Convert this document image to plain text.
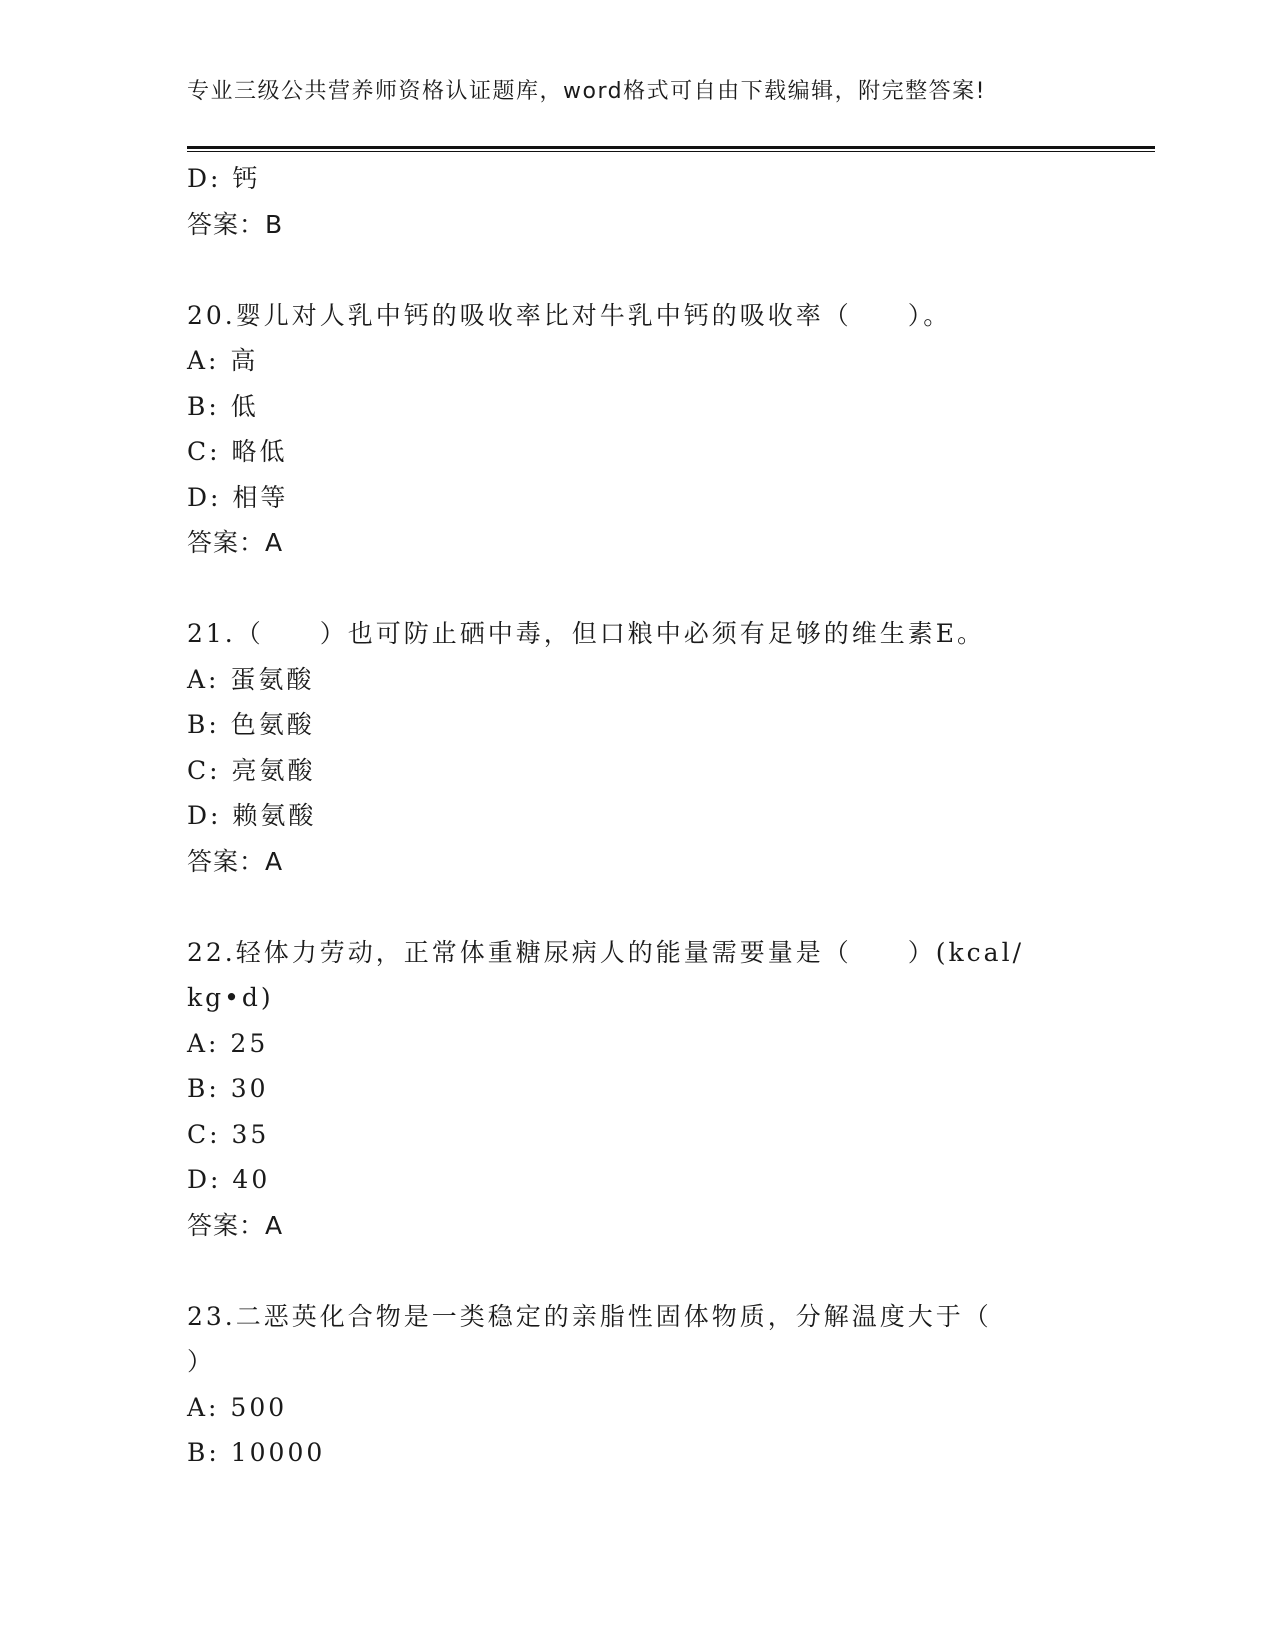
专业三级公共营养师资格认证题库，word格式可自由下载编辑，附完整答案!
D: 钙
答案：B
20.婴儿对人乳中钙的吸收率比对牛乳中钙的吸收率（　　）。
A: 高
B: 低
C: 略低
D: 相等
答案：A
21.（　　）也可防止硒中毒，但口粮中必须有足够的维生素E。
A: 蛋氨酸
B: 色氨酸
C: 亮氨酸
D: 赖氨酸
答案：A
22.轻体力劳动，正常体重糖尿病人的能量需要量是（　　）(kcal/
kg•d)
A: 25
B: 30
C: 35
D: 40
答案：A
23.二恶英化合物是一类稳定的亲脂性固体物质，分解温度大于（
）
A: 500
B: 10000
